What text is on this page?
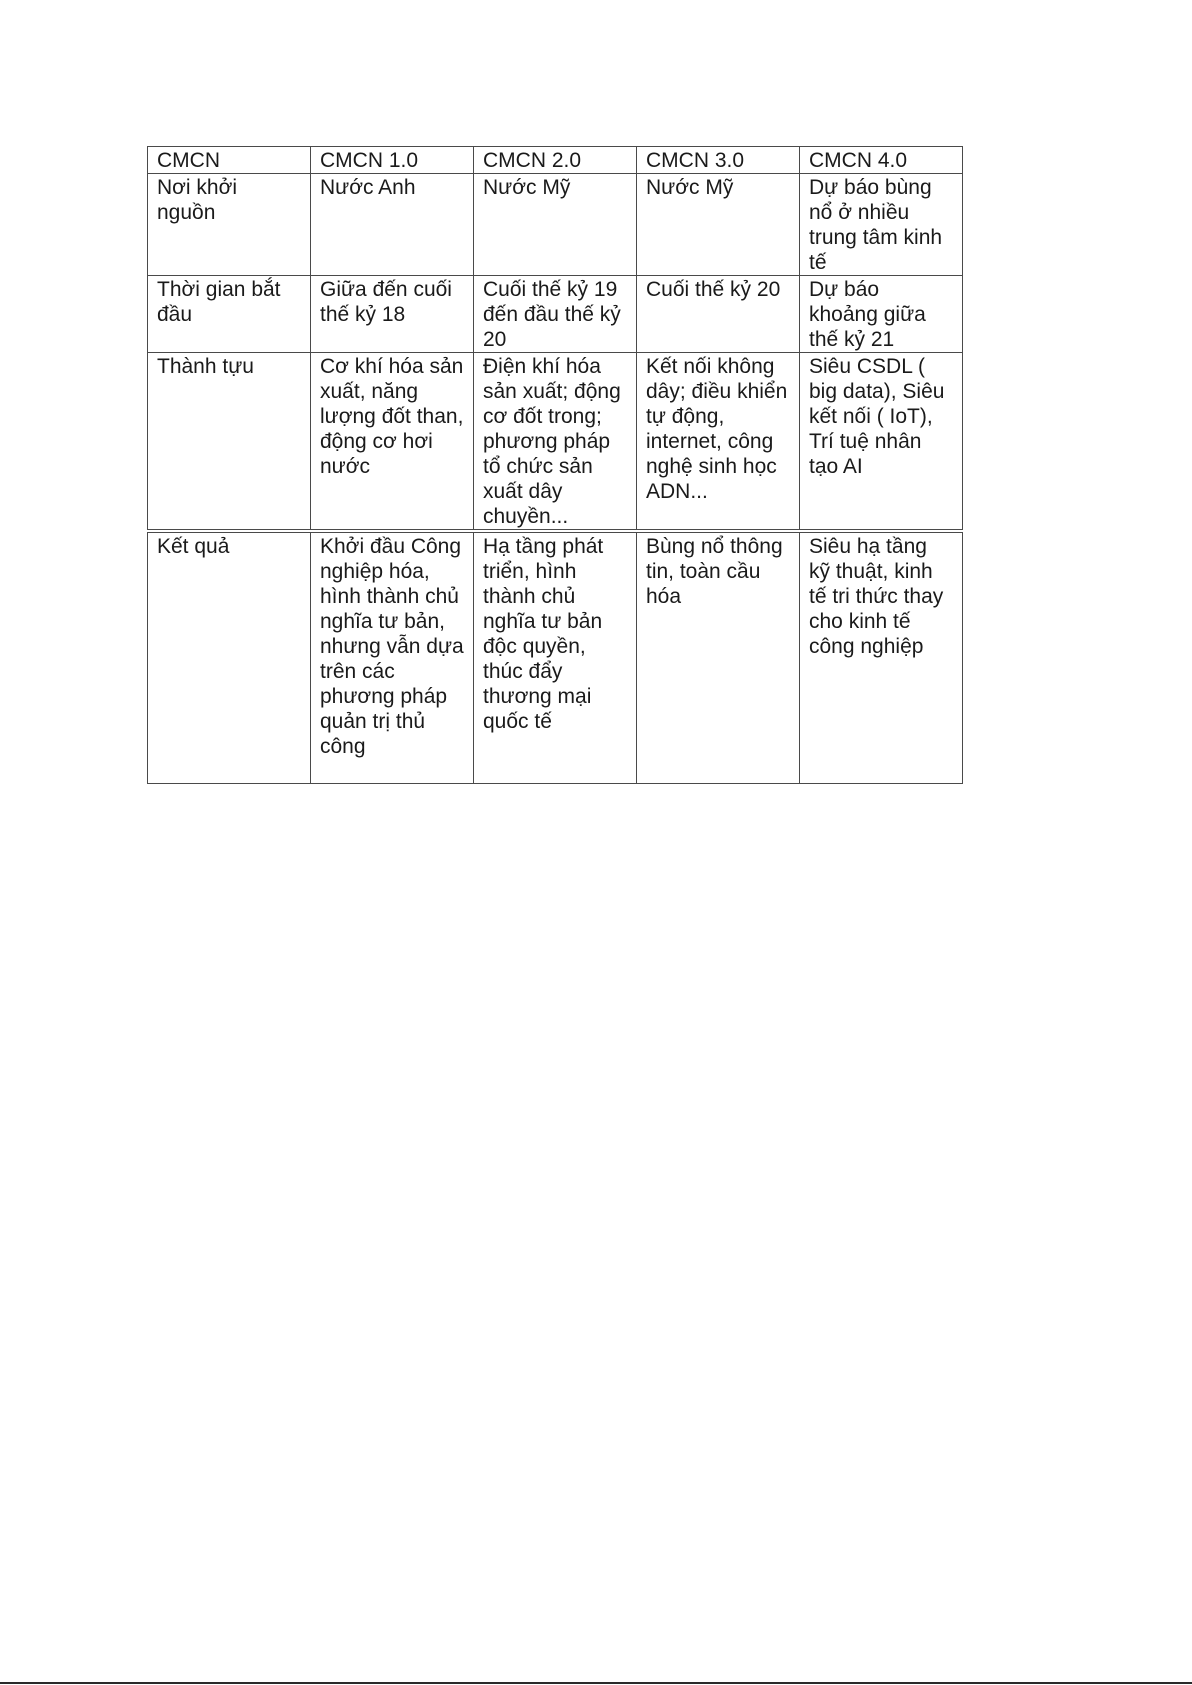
CMCN	CMCN 1.0	CMCN 2.0	CMCN 3.0	CMCN 4.0
Nơi khởi nguồn	Nước Anh	Nước Mỹ	Nước Mỹ	Dự báo bùng nổ ở nhiều trung tâm kinh tế
Thời gian bắt đầu	Giữa đến cuối thế kỷ 18	Cuối thế kỷ 19 đến đầu thế kỷ 20	Cuối thế kỷ 20	Dự báo khoảng giữa thế kỷ 21
Thành tựu	Cơ khí hóa sản xuất, năng lượng đốt than, động cơ hơi nước	Điện khí hóa sản xuất; động cơ đốt trong; phương pháp tổ chức sản xuất dây chuyền...	Kết nối không dây; điều khiển tự động, internet, công nghệ sinh học ADN...	Siêu CSDL ( big data), Siêu kết nối ( IoT), Trí tuệ nhân tạo AI
Kết quả	Khởi đầu Công nghiệp hóa, hình thành chủ nghĩa tư bản, nhưng vẫn dựa trên các phương pháp quản trị thủ công	Hạ tầng phát triển, hình thành chủ nghĩa tư bản độc quyền, thúc đẩy thương mại quốc tế	Bùng nổ thông tin, toàn cầu hóa	Siêu hạ tầng kỹ thuật, kinh tế tri thức thay cho kinh tế công nghiệp
